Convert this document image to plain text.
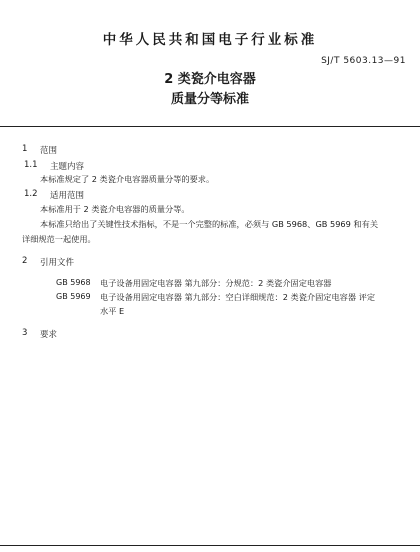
中华人民共和国电子行业标准
SJ/T 5603.13—91
2 类瓷介电容器
质量分等标准
1 范围
1.1 主题内容
本标准规定了 2 类瓷介电容器质量分等的要求。
1.2 适用范围
本标准用于 2 类瓷介电容器的质量分等。
本标准只给出了关键性技术指标，不是一个完整的标准，必须与 GB 5968、GB 5969 和有关
详细规范一起使用。
2 引用文件
GB 5968 电子设备用固定电容器 第九部分：分规范：2 类瓷介固定电容器
GB 5969 电子设备用固定电容器 第九部分：空白详细规范：2 类瓷介固定电容器 评定
水平 E
3 要求
